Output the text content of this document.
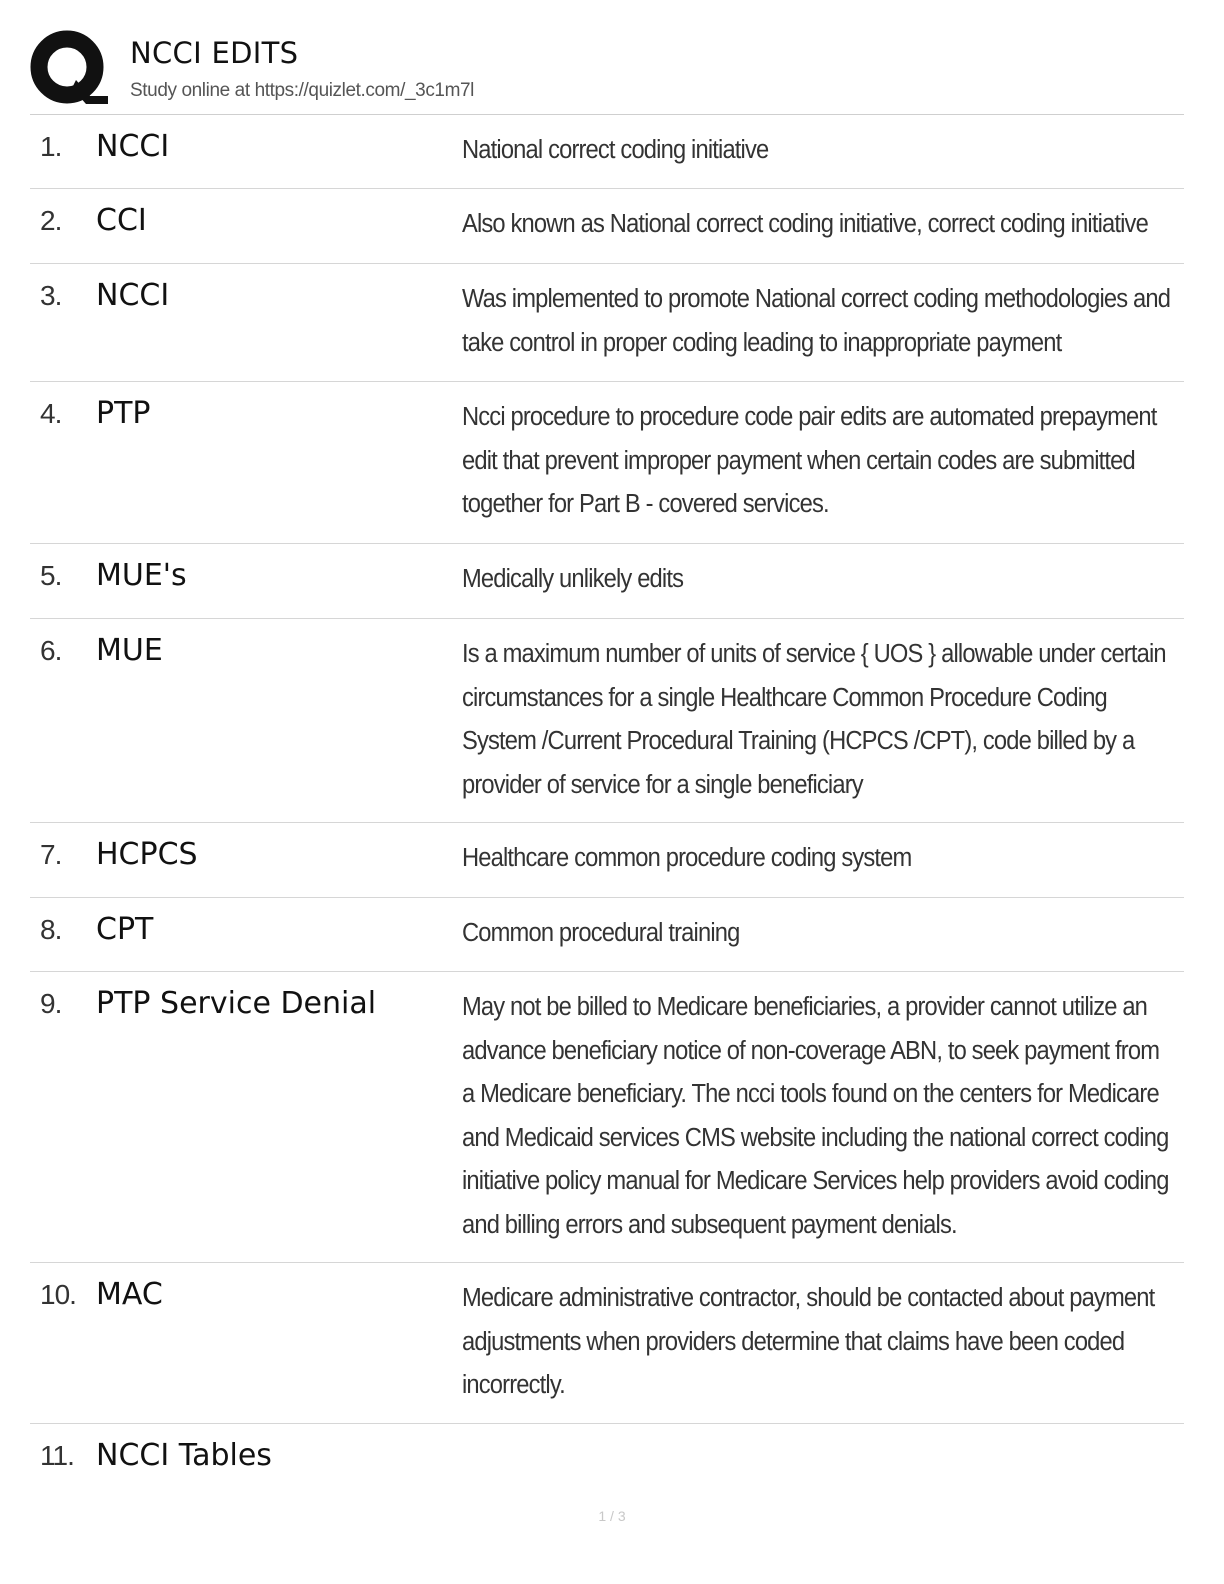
NCCI EDITS
Study online at https://quizlet.com/_3c1m7l
1. NCCI	National correct coding initiative
2. CCI	Also known as National correct coding initiative, correct coding initiative
3. NCCI	Was implemented to promote National correct coding methodologies and take control in proper coding leading to inappropriate payment
4. PTP	Ncci procedure to procedure code pair edits are automated prepayment edit that prevent improper payment when certain codes are submitted together for Part B - covered services.
5. MUE's	Medically unlikely edits
6. MUE	Is a maximum number of units of service { UOS } allowable under certain circumstances for a single Healthcare Common Procedure Coding System /Current Procedural Training (HCPCS /CPT), code billed by a provider of service for a single beneficiary
7. HCPCS	Healthcare common procedure coding system
8. CPT	Common procedural training
9. PTP Service Denial	May not be billed to Medicare beneficiaries, a provider cannot utilize an advance beneficiary notice of non-coverage ABN, to seek payment from a Medicare beneficiary. The ncci tools found on the centers for Medicare and Medicaid services CMS website including the national correct coding initiative policy manual for Medicare Services help providers avoid coding and billing errors and subsequent payment denials.
10. MAC	Medicare administrative contractor, should be contacted about payment adjustments when providers determine that claims have been coded incorrectly.
11. NCCI Tables
1 / 3
